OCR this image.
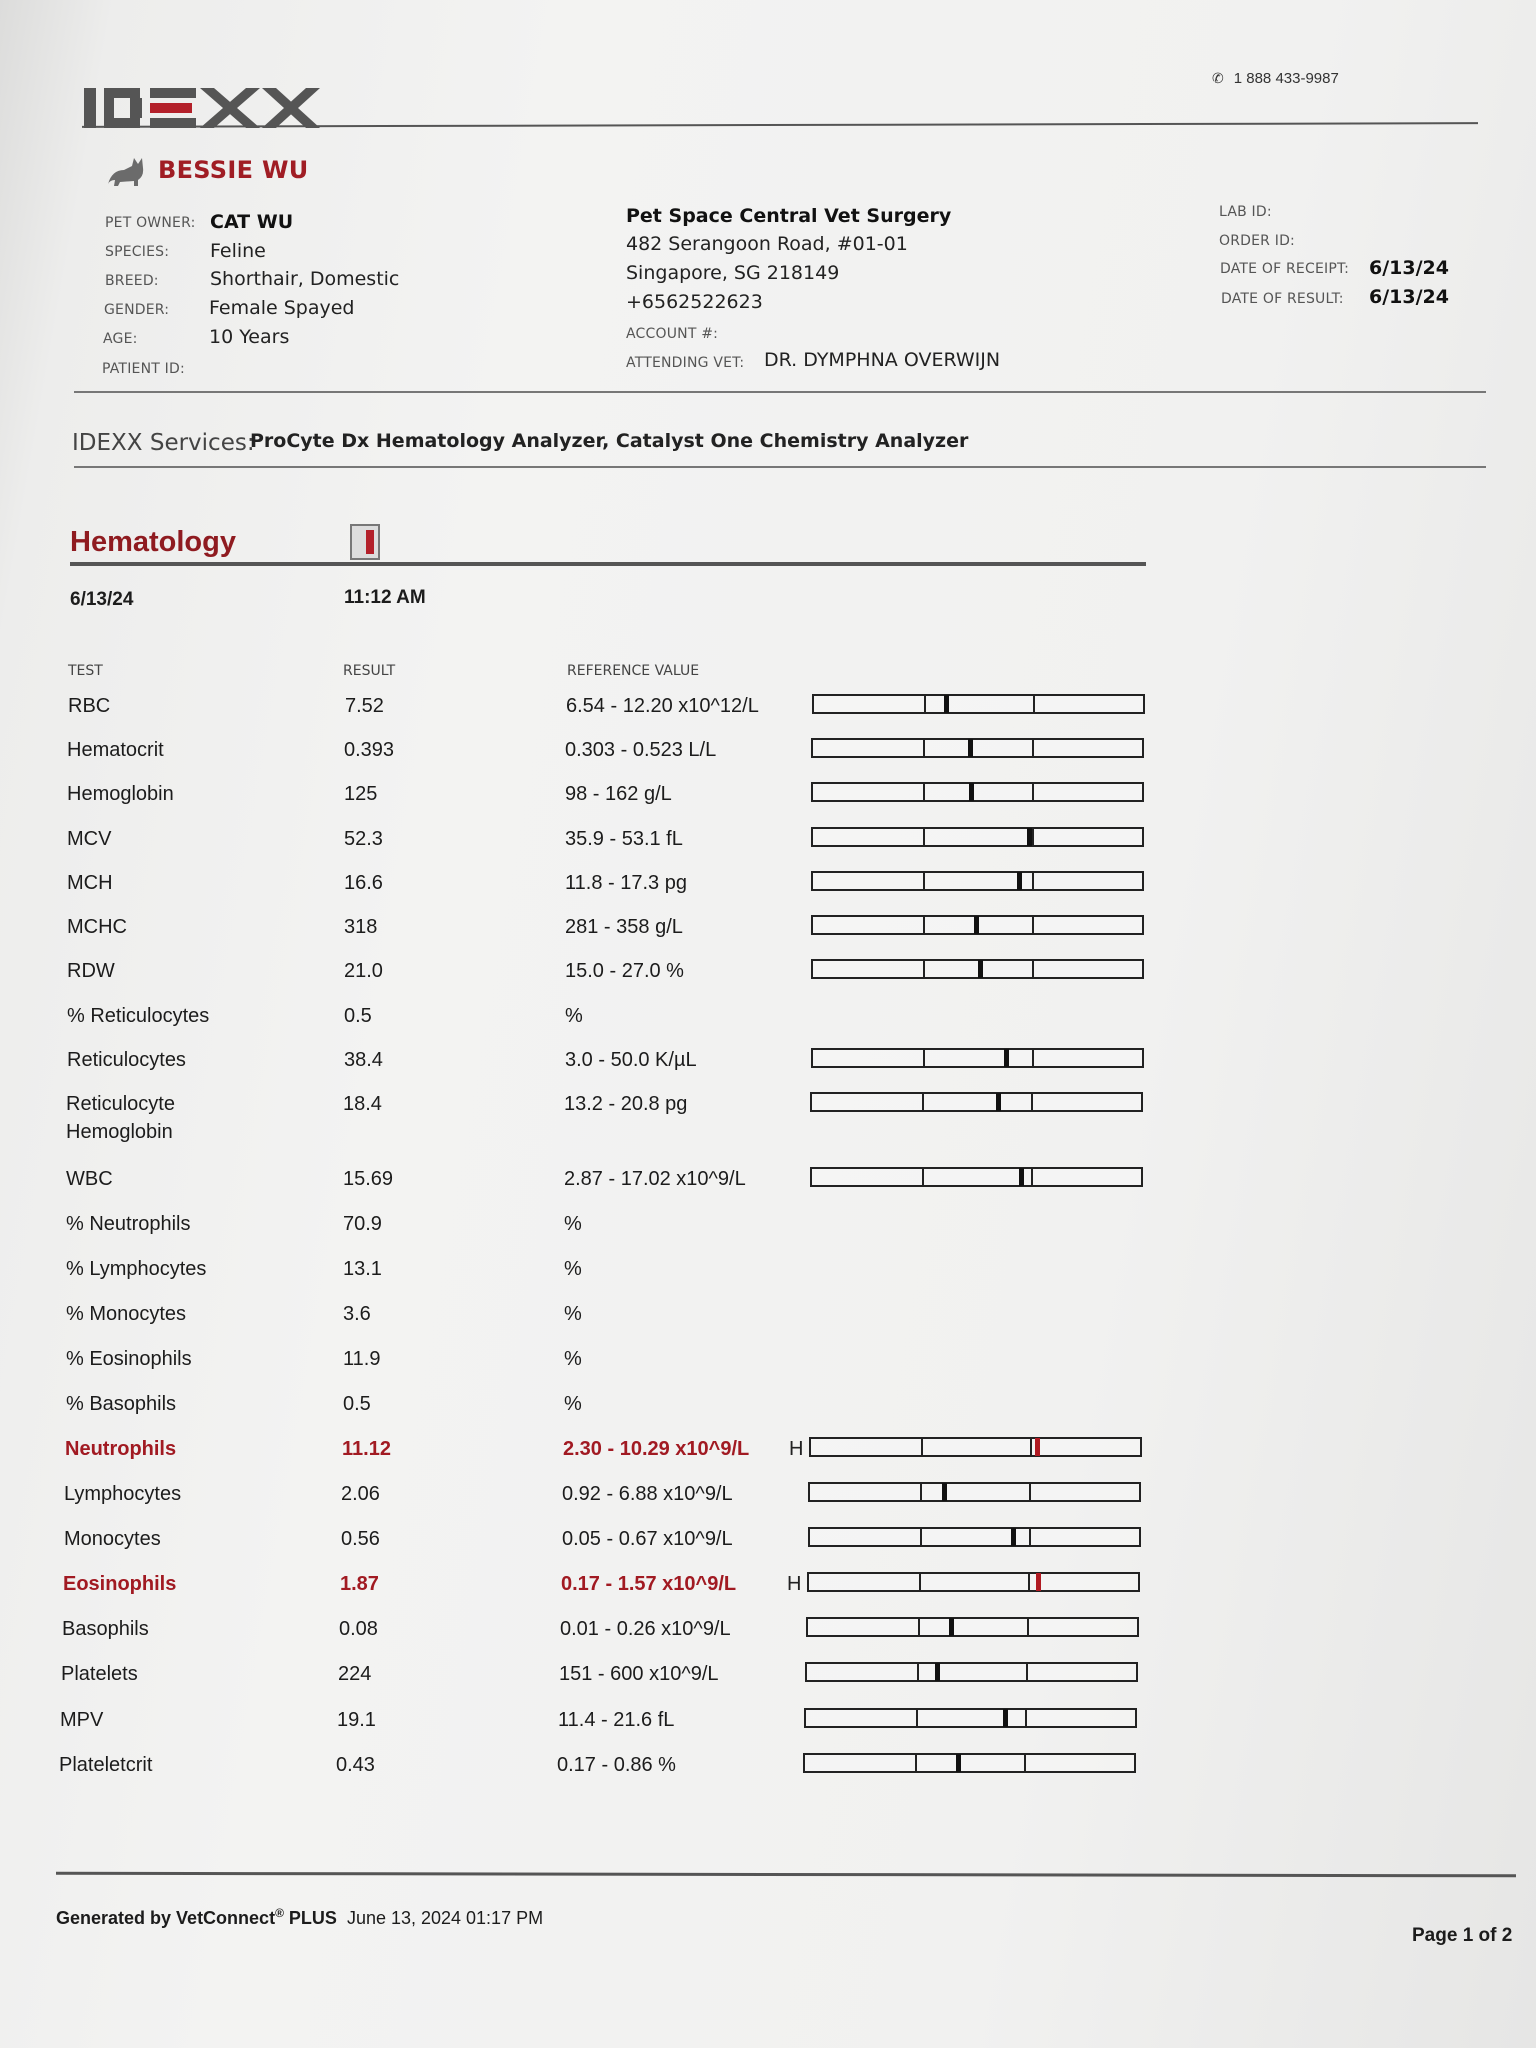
✆ 1 888 433-9987
BESSIE WU
PET OWNER: CAT WU
SPECIES: Feline
BREED:	Shorthair, Domestic
GENDER: Female Spayed
AGE:	10 Years
PATIENT ID:
Pet Space Central Vet Surgery
482 Serangoon Road, #01-01
Singapore, SG 218149
+6562522623
ACCOUNT #:
ATTENDING VET: DR. DYMPHNA OVERWIJN
LAB ID:
ORDER ID:
DATE OF RECEIPT: 6/13/24
DATE OF RESULT: 6/13/24
IDEXX Services:
ProCyte Dx Hematology Analyzer, Catalyst One Chemistry Analyzer
Hematology
6/13/24	11:12 AM
TEST	RESULT	REFERENCE VALUE
RBC	7.52	6.54 - 12.20 x10^12/L
Hematocrit	0.393	0.303 - 0.523 L/L
Hemoglobin	125	98 - 162 g/L
MCV	52.3	35.9 - 53.1 fL
MCH	16.6	11.8 - 17.3 pg
MCHC	318	281 - 358 g/L
RDW	21.0	15.0 - 27.0 %
% Reticulocytes	0.5	%
Reticulocytes	38.4	3.0 - 50.0 K/µL
Reticulocyte Hemoglobin
18.4	13.2 - 20.8 pg
WBC	15.69	2.87 - 17.02 x10^9/L
% Neutrophils	70.9	%
% Lymphocytes	13.1	%
% Monocytes	3.6	%
% Eosinophils	11.9	%
% Basophils	0.5	%
Neutrophils	11.12	2.30 - 10.29 x10^9/L H
Lymphocytes	2.06	0.92 - 6.88 x10^9/L
Monocytes	0.56	0.05 - 0.67 x10^9/L
Eosinophils	1.87	0.17 - 1.57 x10^9/L	H
Basophils	0.08	0.01 - 0.26 x10^9/L
Platelets	224	151 - 600 x10^9/L
MPV	19.1	11.4 - 21.6 fL
Plateletcrit	0.43	0.17 - 0.86 %
Generated by VetConnect® PLUS June 13, 2024 01:17 PM
Page 1 of 2
